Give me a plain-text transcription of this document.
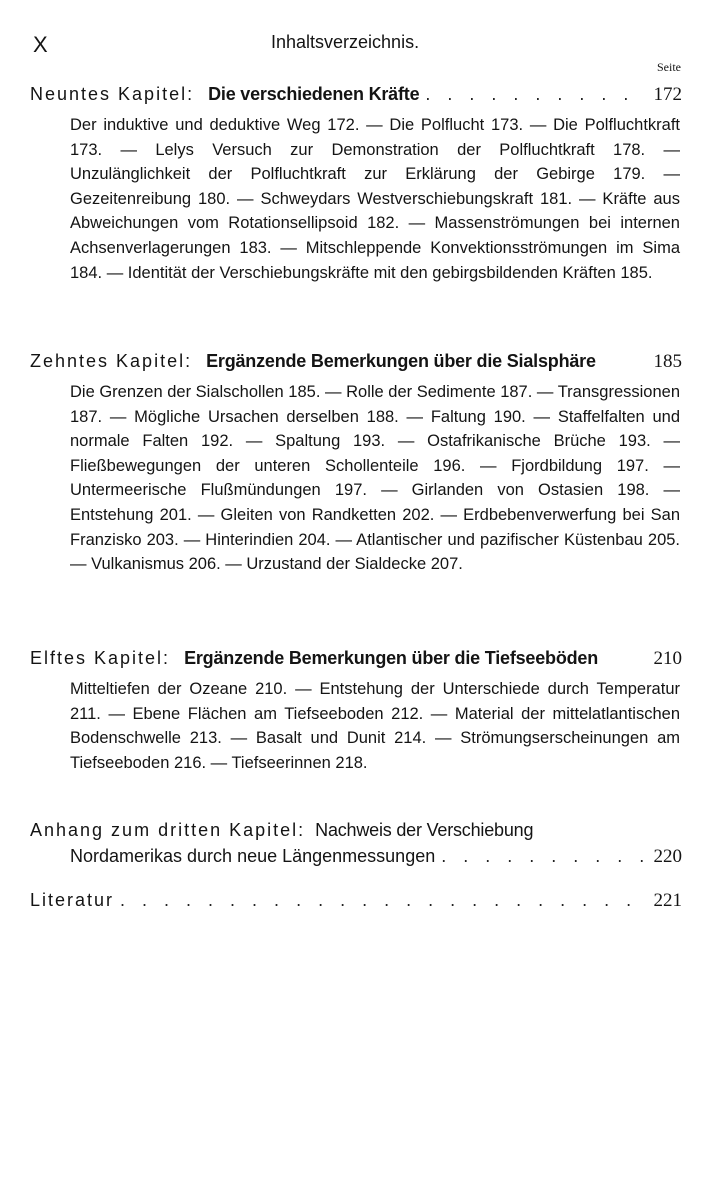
X	Inhaltsverzeichnis.
Seite
Neuntes Kapitel: Die verschiedenen Kräfte . . .	172
Der induktive und deduktive Weg 172. — Die Polflucht 173. — Die Polfluchtkraft 173. — Lelys Versuch zur Demonstration der Polfluchtkraft 178. — Unzulänglichkeit der Polfluchtkraft zur Erklärung der Gebirge 179. — Gezeitenreibung 180. — Schweydars Westverschiebungskraft 181. — Kräfte aus Abweichungen vom Rotationsellipsoid 182. — Massenströmungen bei internen Achsenverlagerungen 183. — Mitschleppende Konvektionsströmungen im Sima 184. — Identität der Verschiebungskräfte mit den gebirgsbildenden Kräften 185.
Zehntes Kapitel: Ergänzende Bemerkungen über die Sialsphäre	185
Die Grenzen der Sialschollen 185. — Rolle der Sedimente 187. — Transgressionen 187. — Mögliche Ursachen derselben 188. — Faltung 190. — Staffelfalten und normale Falten 192. — Spaltung 193. — Ostafrikanische Brüche 193. — Fließbewegungen der unteren Schollenteile 196. — Fjordbildung 197. — Untermeerische Flußmündungen 197. — Girlanden von Ostasien 198. — Entstehung 201. — Gleiten von Randketten 202. — Erdbebenverwerfung bei San Franzisko 203. — Hinterindien 204. — Atlantischer und pazifischer Küstenbau 205. — Vulkanismus 206. — Urzustand der Sialdecke 207.
Elftes Kapitel: Ergänzende Bemerkungen über die Tiefseeböden	210
Mitteltiefen der Ozeane 210. — Entstehung der Unterschiede durch Temperatur 211. — Ebene Flächen am Tiefseeboden 212. — Material der mittelatlantischen Bodenschwelle 213. — Basalt und Dunit 214. — Strömungserscheinungen am Tiefseeboden 216. — Tiefseerinnen 218.
Anhang zum dritten Kapitel: Nachweis der Verschiebung
Nordamerikas durch neue Längenmessungen . . .	220
Literatur . . .	221
